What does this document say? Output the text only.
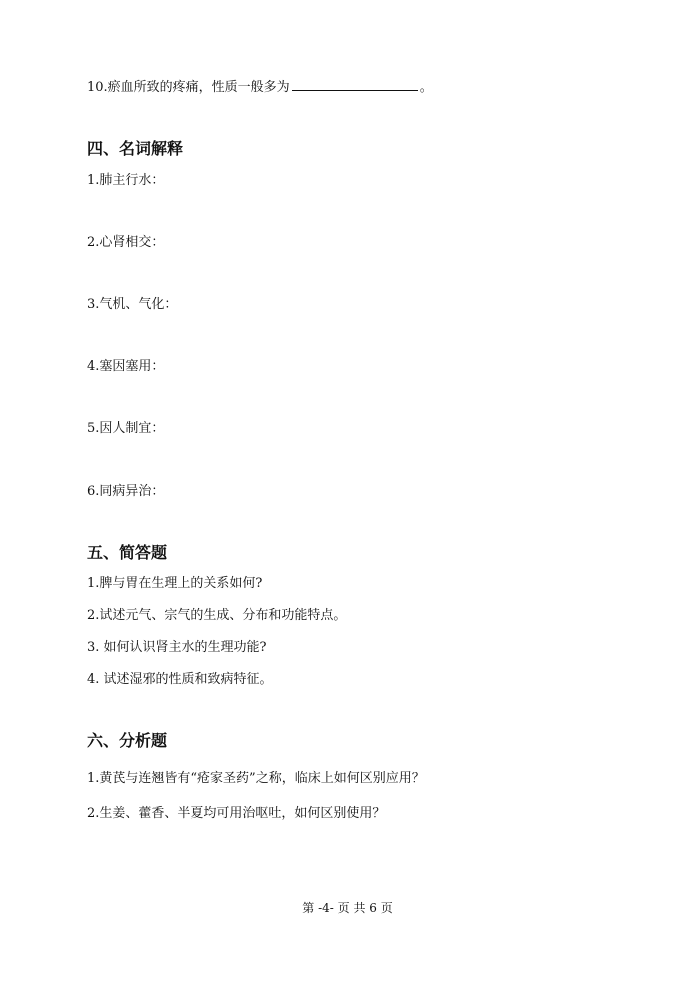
10.瘀血所致的疼痛，性质一般多为	。
四、名词解释
1.肺主行水：
2.心肾相交：
3.气机、气化：
4.塞因塞用：
5.因人制宜：
6.同病异治：
五、简答题
1.脾与胃在生理上的关系如何?
2.试述元气、宗气的生成、分布和功能特点。
3. 如何认识肾主水的生理功能?
4. 试述湿邪的性质和致病特征。
六、分析题
1.黄芪与连翘皆有“疮家圣药”之称，临床上如何区别应用？
2.生姜、藿香、半夏均可用治呕吐，如何区别使用？
第 -4- 页 共 6 页
